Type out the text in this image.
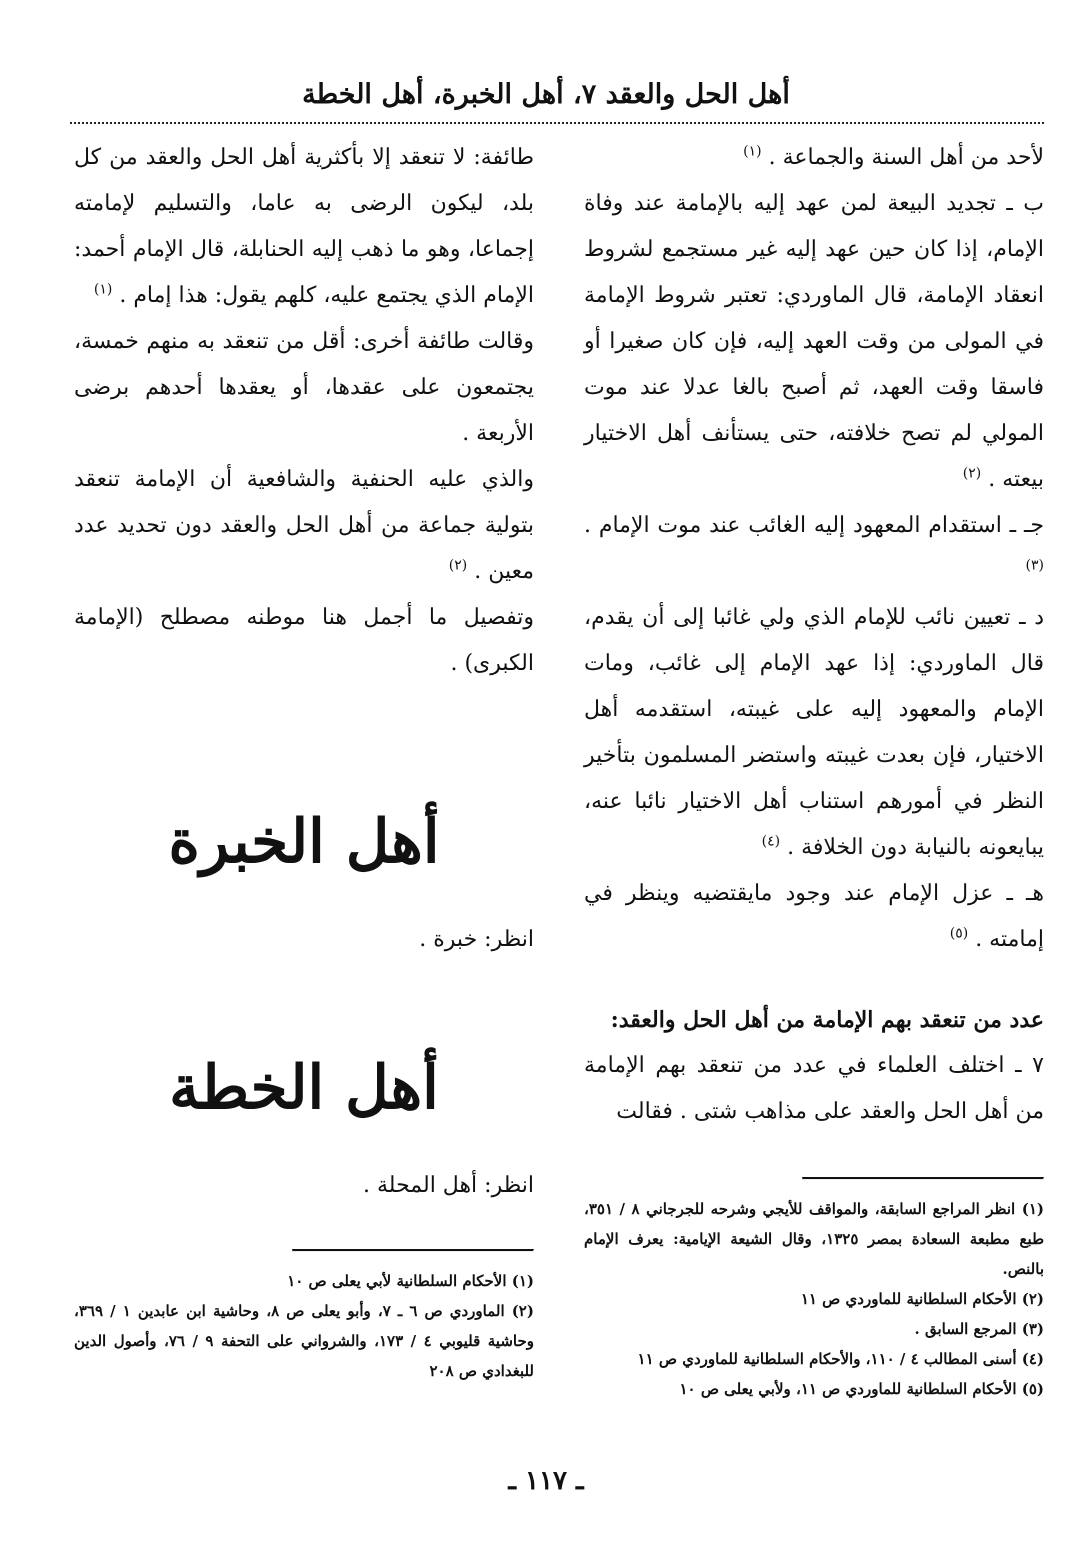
أهل الحل والعقد ٧، أهل الخبرة، أهل الخطة

لأحد من أهل السنة والجماعة . $^{(١)}$

ب ـ تجديد البيعة لمن عهد إليه بالإمامة عند وفاة الإمام، إذا كان حين عهد إليه غير مستجمع لشروط انعقاد الإمامة، قال الماوردي: تعتبر شروط الإمامة في المولى من وقت العهد إليه، فإن كان صغيرا أو فاسقا وقت العهد، ثم أصبح بالغا عدلا عند موت المولي لم تصح خلافته، حتى يستأنف أهل الاختيار بيعته . $^{(٢)}$

جـ ـ استقدام المعهود إليه الغائب عند موت الإمام . $^{(٣)}$

د ـ تعيين نائب للإمام الذي ولي غائبا إلى أن يقدم، قال الماوردي: إذا عهد الإمام إلى غائب، ومات الإمام والمعهود إليه على غيبته، استقدمه أهل الاختيار، فإن بعدت غيبته واستضر المسلمون بتأخير النظر في أمورهم استناب أهل الاختيار نائبا عنه، يبايعونه بالنيابة دون الخلافة . $^{(٤)}$

هـ ـ عزل الإمام عند وجود مايقتضيه وينظر في إمامته . $^{(٥)}$

عدد من تنعقد بهم الإمامة من أهل الحل والعقد:

٧ ـ اختلف العلماء في عدد من تنعقد بهم الإمامة من أهل الحل والعقد على مذاهب شتى . فقالت

(١) انظر المراجع السابقة، والمواقف للأيجي وشرحه للجرجاني ٨ / ٣٥١، طبع مطبعة السعادة بمصر ١٣٢٥، وقال الشيعة الإيامية: يعرف الإمام بالنص.
(٢) الأحكام السلطانية للماوردي ص ١١
(٣) المرجع السابق .
(٤) أسنى المطالب ٤ / ١١٠، والأحكام السلطانية للماوردي ص ١١
(٥) الأحكام السلطانية للماوردي ص ١١، ولأبي يعلى ص ١٠

طائفة: لا تنعقد إلا بأكثرية أهل الحل والعقد من كل بلد، ليكون الرضى به عاما، والتسليم لإمامته إجماعا، وهو ما ذهب إليه الحنابلة، قال الإمام أحمد: الإمام الذي يجتمع عليه، كلهم يقول: هذا إمام . $^{(١)}$

وقالت طائفة أخرى: أقل من تنعقد به منهم خمسة، يجتمعون على عقدها، أو يعقدها أحدهم برضى الأربعة .

والذي عليه الحنفية والشافعية أن الإمامة تنعقد بتولية جماعة من أهل الحل والعقد دون تحديد عدد معين . $^{(٢)}$

وتفصيل ما أجمل هنا موطنه مصطلح (الإمامة الكبرى) .

أهل الخبرة

انظر: خبرة .

أهل الخطة

انظر: أهل المحلة .

(١) الأحكام السلطانية لأبي يعلى ص ١٠
(٢) الماوردي ص ٦ ـ ٧، وأبو يعلى ص ٨، وحاشية ابن عابدين ١ / ٣٦٩، وحاشية قليوبي ٤ / ١٧٣، والشرواني على التحفة ٩ / ٧٦، وأصول الدين للبغدادي ص ٢٠٨
ـ ١١٧ ـ
